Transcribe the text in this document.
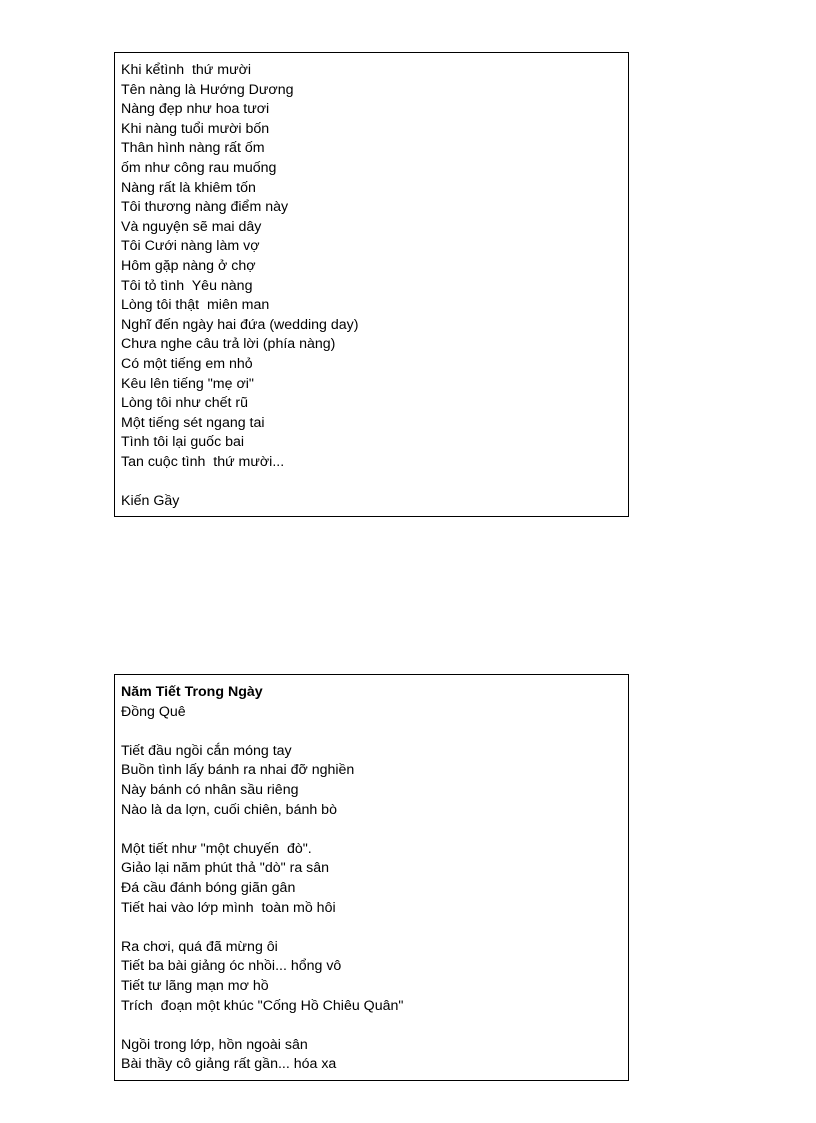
Khi kểtình  thứ mười
Tên nàng là Hướng Dương
Nàng đẹp như hoa tươi
Khi nàng tuổi mười bốn
Thân hình nàng rất ốm
ốm như công rau muống
Nàng rất là khiêm tốn
Tôi thương nàng điểm này
Và nguyện sẽ mai dây
Tôi Cưới nàng làm vợ
Hôm gặp nàng ở chợ
Tôi tỏ tình  Yêu nàng
Lòng tôi thật  miên man
Nghĩ đến ngày hai đứa (wedding day)
Chưa nghe câu trả lời (phía nàng)
Có một tiếng em nhỏ
Kêu lên tiếng "mẹ ơi"
Lòng tôi như chết rũ
Một tiếng sét ngang tai
Tình tôi lại guốc bai
Tan cuộc tình  thứ mười...
Kiến Gầy
Năm Tiết Trong Ngày
Đồng Quê
Tiết đầu ngồi cắn móng tay
Buồn tình lấy bánh ra nhai đỡ nghiền
Này bánh có nhân sầu riêng
Nào là da lợn, cuối chiên, bánh bò
Một tiết như "một chuyến  đò".
Giảo lại năm phút thả "dò" ra sân
Đá cầu đánh bóng giãn gân
Tiết hai vào lớp mình  toàn mồ hôi
Ra chơi, quá đã mừng ôi
Tiết ba bài giảng óc nhồi... hổng vô
Tiết tư lãng mạn mơ hồ
Trích  đoạn một khúc "Cống Hồ Chiêu Quân"
Ngồi trong lớp, hồn ngoài sân
Bài thầy cô giảng rất gần... hóa xa
